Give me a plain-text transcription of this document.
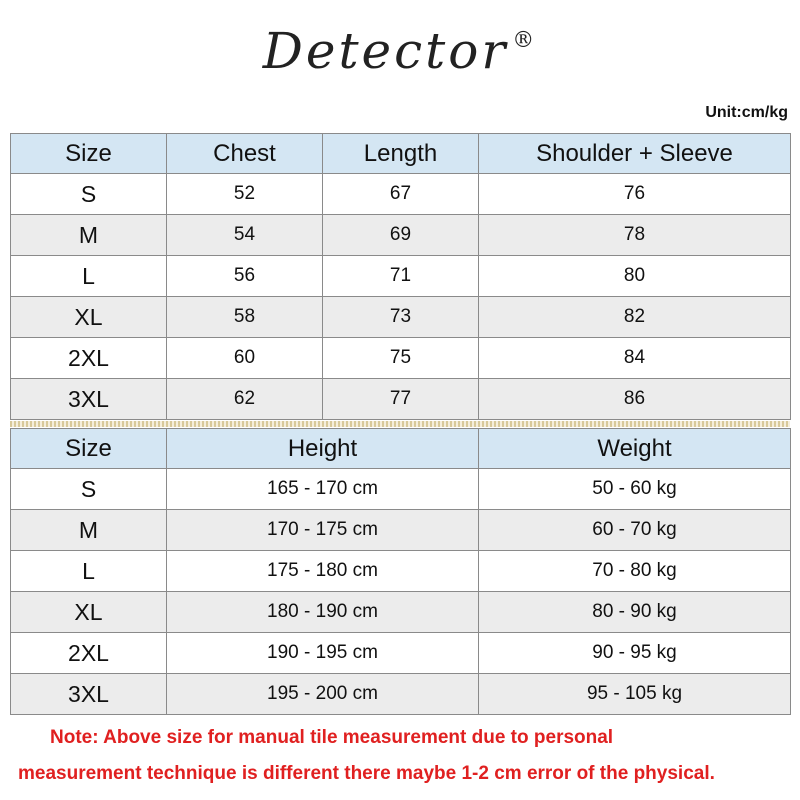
Detector ®
Unit:cm/kg
Size	Chest	Length	Shoulder + Sleeve
S	52	67	76
M	54	69	78
L	56	71	80
XL	58	73	82
2XL	60	75	84
3XL	62	77	86
Size	Height	Weight
S	165 - 170 cm	50 - 60 kg
M	170 - 175 cm	60 - 70 kg
L	175 - 180 cm	70 - 80 kg
XL	180 - 190 cm	80 - 90 kg
2XL	190 - 195 cm	90 - 95 kg
3XL	195 - 200 cm	95 - 105 kg
Note: Above size for manual tile measurement due to personal
measurement technique is different there maybe 1-2 cm error of the physical.
